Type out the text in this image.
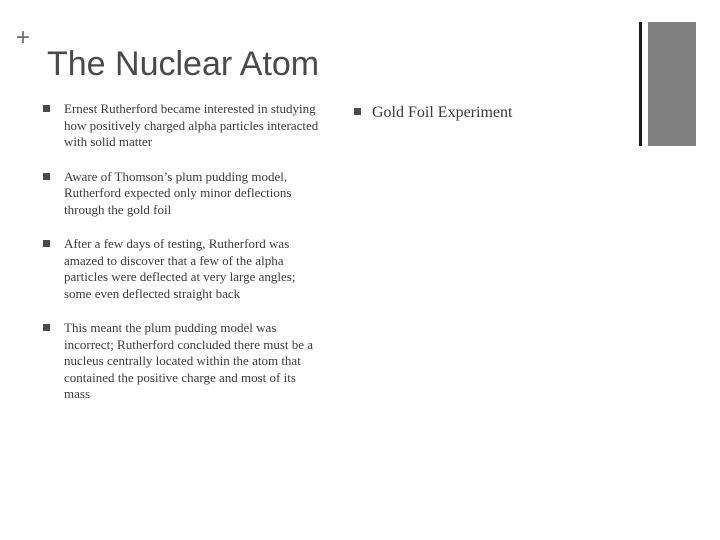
+
The Nuclear Atom
Ernest Rutherford became interested in studying how positively charged alpha particles interacted with solid matter
Aware of Thomson’s plum pudding model, Rutherford expected only minor deflections through the gold foil
After a few days of testing, Rutherford was amazed to discover that a few of the alpha particles were deflected at very large angles; some even deflected straight back
This meant the plum pudding model was incorrect; Rutherford concluded there must be a nucleus centrally located within the atom that contained the positive charge and most of its mass
Gold Foil Experiment
